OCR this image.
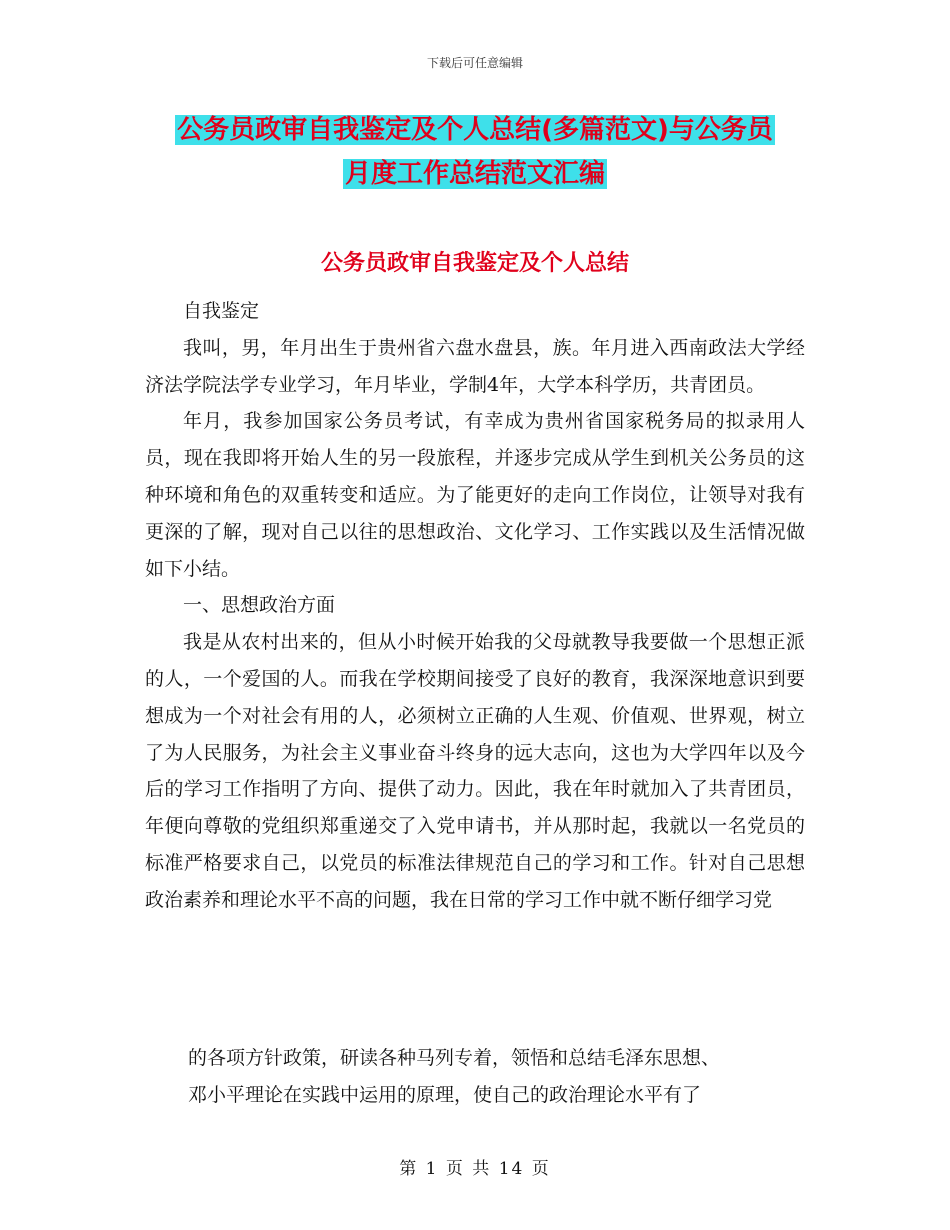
下载后可任意编辑
公务员政审自我鉴定及个人总结(多篇范文)与公务员
月度工作总结范文汇编
公务员政审自我鉴定及个人总结

自我鉴定

我叫，男，年月出生于贵州省六盘水盘县，族。年月进入西南政法大学经济法学院法学专业学习，年月毕业，学制4年，大学本科学历，共青团员。

年月，我参加国家公务员考试，有幸成为贵州省国家税务局的拟录用人员，现在我即将开始人生的另一段旅程，并逐步完成从学生到机关公务员的这种环境和角色的双重转变和适应。为了能更好的走向工作岗位，让领导对我有更深的了解，现对自己以往的思想政治、文化学习、工作实践以及生活情况做如下小结。

一、思想政治方面

我是从农村出来的，但从小时候开始我的父母就教导我要做一个思想正派的人，一个爱国的人。而我在学校期间接受了良好的教育，我深深地意识到要想成为一个对社会有用的人，必须树立正确的人生观、价值观、世界观，树立了为人民服务，为社会主义事业奋斗终身的远大志向，这也为大学四年以及今后的学习工作指明了方向、提供了动力。因此，我在年时就加入了共青团员，年便向尊敬的党组织郑重递交了入党申请书，并从那时起，我就以一名党员的标准严格要求自己，以党员的标准法律规范自己的学习和工作。针对自己思想政治素养和理论水平不高的问题，我在日常的学习工作中就不断仔细学习党

的各项方针政策，研读各种马列专着，领悟和总结毛泽东思想、

邓小平理论在实践中运用的原理，使自己的政治理论水平有了

第 1 页 共 14 页
